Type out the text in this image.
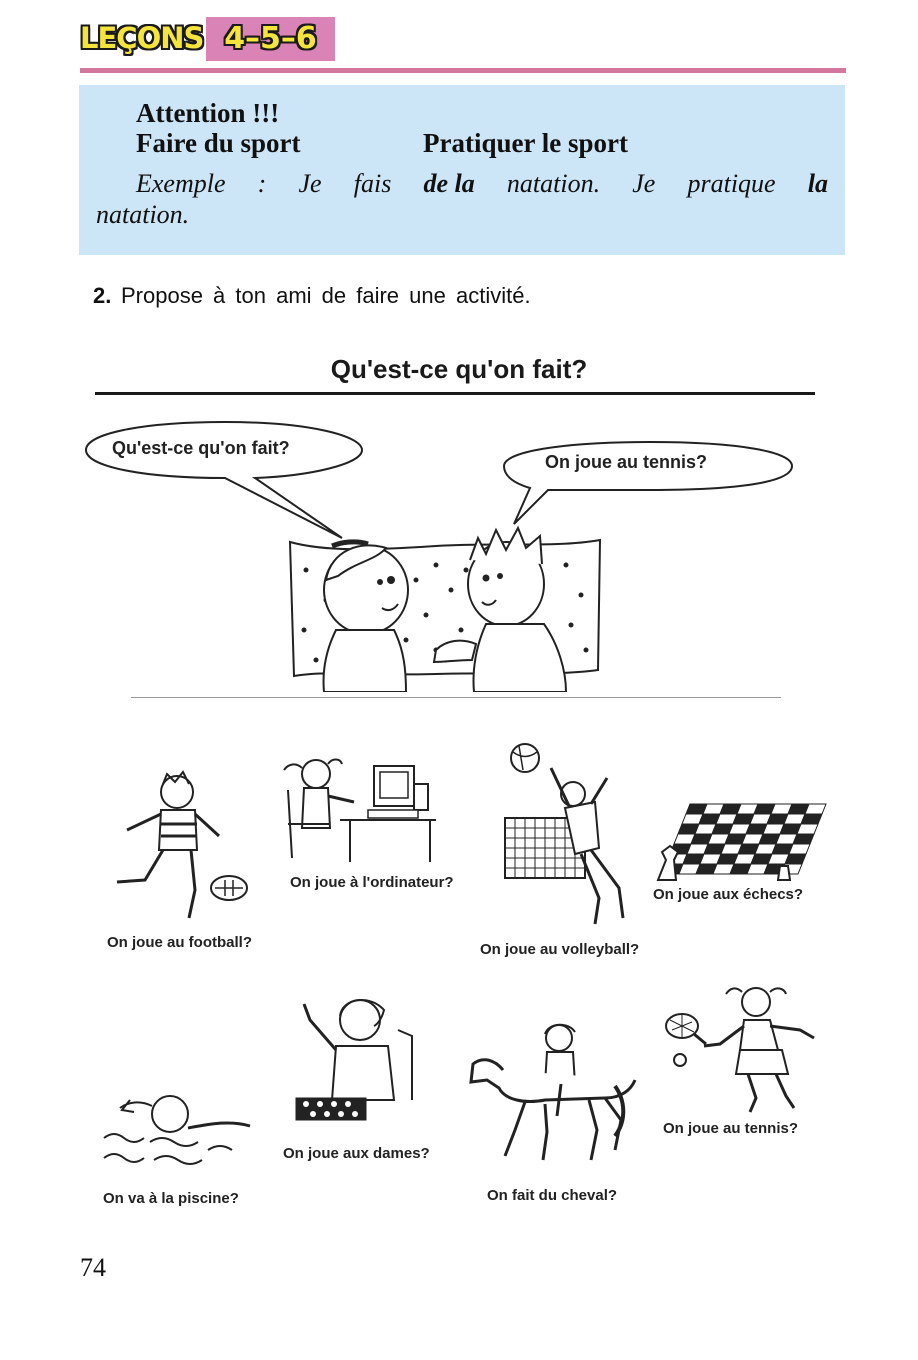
LEÇONS 4–5–6
Attention !!!
Faire du sport	Pratiquer le sport
Exemple : Je fais de la natation. Je pratique la
natation.
2. Propose à ton ami de faire une activité.
Qu'est-ce qu'on fait?
Qu'est-ce qu'on fait?
On joue au tennis?
On joue au football?
On joue à l'ordinateur?
On joue au volleyball?
On joue aux échecs?
On va à la piscine?
On joue aux dames?
On fait du cheval?
On joue au tennis?
74
